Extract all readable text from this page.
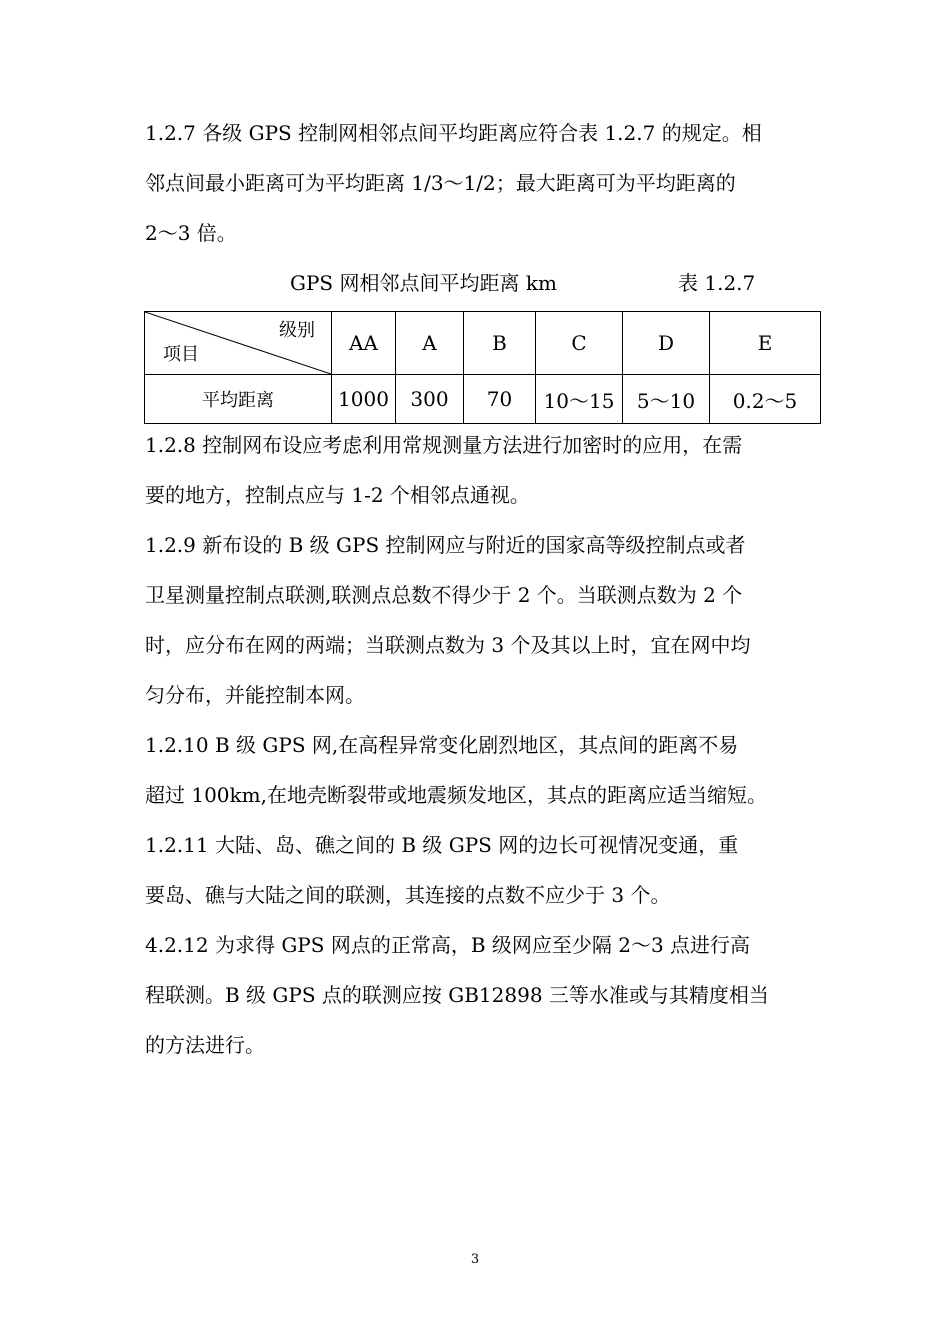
1.2.7 各级 GPS 控制网相邻点间平均距离应符合表 1.2.7 的规定。相

邻点间最小距离可为平均距离 1/3～1/2；最大距离可为平均距离的

2～3 倍。

GPS 网相邻点间平均距离 km	表 1.2.7
级别
项目	AA	A	B	C	D	E
平均距离	1000	300	70	10～15	5～10	0.2～5

1.2.8 控制网布设应考虑利用常规测量方法进行加密时的应用，在需

要的地方，控制点应与 1-2 个相邻点通视。

1.2.9 新布设的 B 级 GPS 控制网应与附近的国家高等级控制点或者

卫星测量控制点联测,联测点总数不得少于 2 个。当联测点数为 2 个

时，应分布在网的两端；当联测点数为 3 个及其以上时，宜在网中均

匀分布，并能控制本网。

1.2.10 B 级 GPS 网,在高程异常变化剧烈地区，其点间的距离不易

超过 100km,在地壳断裂带或地震频发地区，其点的距离应适当缩短。

1.2.11 大陆、岛、礁之间的 B 级 GPS 网的边长可视情况变通，重

要岛、礁与大陆之间的联测，其连接的点数不应少于 3 个。

4.2.12 为求得 GPS 网点的正常高，B 级网应至少隔 2～3 点进行高

程联测。B 级 GPS 点的联测应按 GB12898 三等水准或与其精度相当

的方法进行。

3
